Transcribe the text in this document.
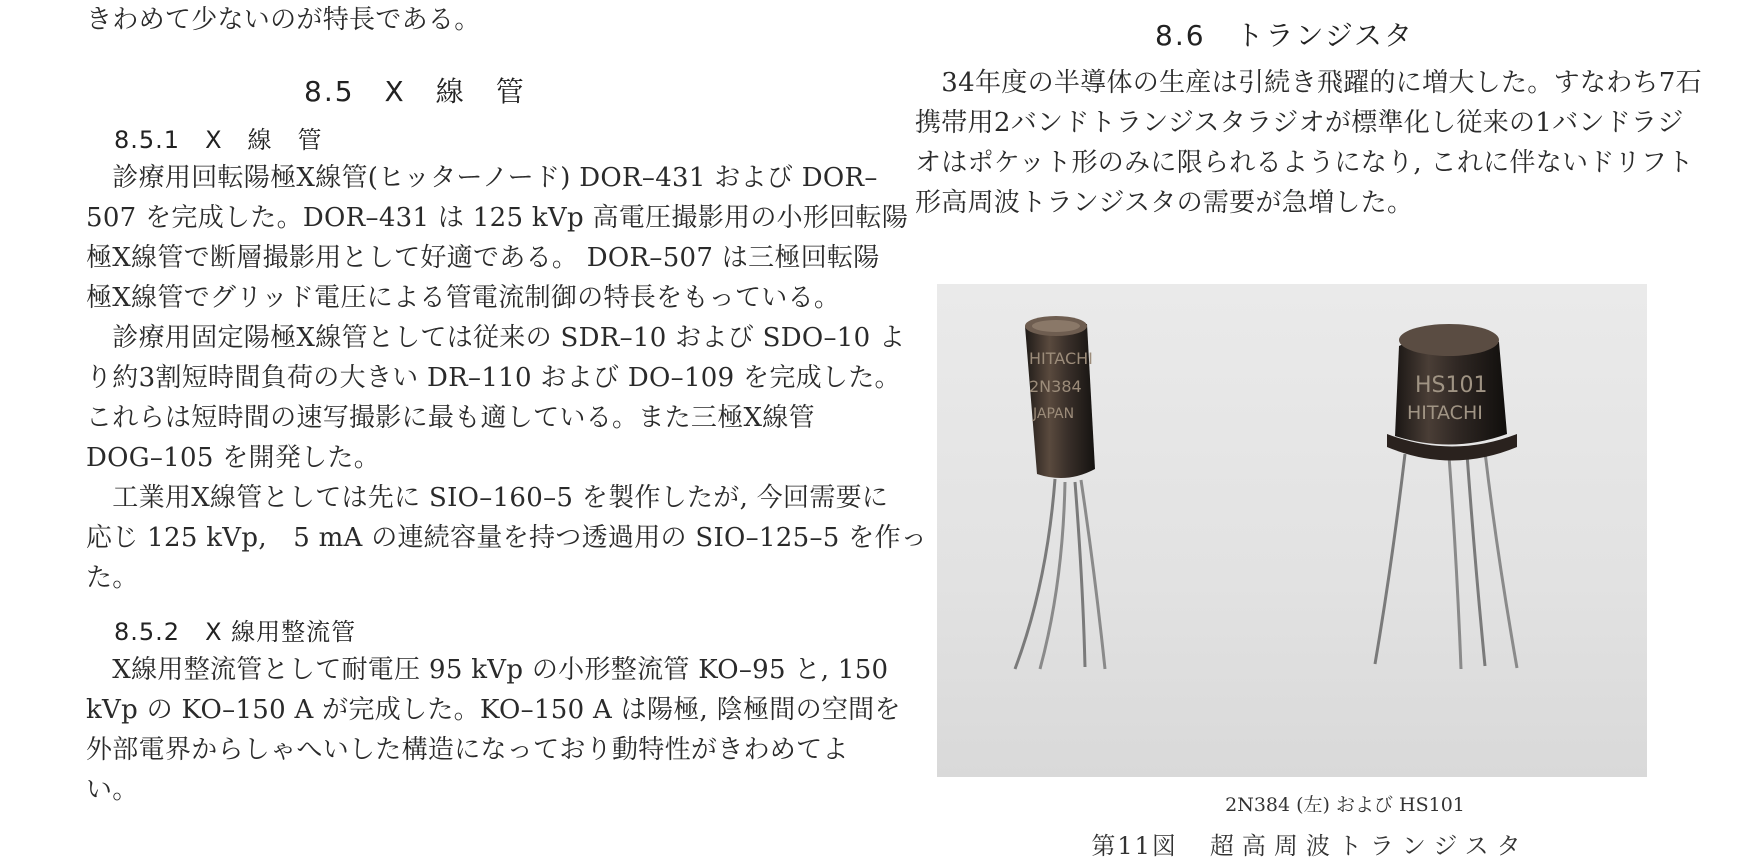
きわめて少ないのが特長である。
8.5　X　線　管
8.5.1　X　線　管
　診療用回転陽極X線管(ヒッターノード) DOR–431 および DOR–
507 を完成した。DOR–431 は 125 kVp 高電圧撮影用の小形回転陽
極X線管で断層撮影用として好適である。 DOR–507 は三極回転陽
極X線管でグリッド電圧による管電流制御の特長をもっている。
　診療用固定陽極X線管としては従来の SDR–10 および SDO–10 よ
り約3割短時間負荷の大きい DR–110 および DO–109 を完成した。
これらは短時間の速写撮影に最も適している。また三極X線管
DOG–105 を開発した。
　工業用X線管としては先に SIO–160–5 を製作したが, 今回需要に
応じ 125 kVp,　5 mA の連続容量を持つ透過用の SIO–125–5 を作っ
た。
8.5.2　X 線用整流管
　X線用整流管として耐電圧 95 kVp の小形整流管 KO–95 と, 150
kVp の KO–150 A が完成した。KO–150 A は陽極, 陰極間の空間を
外部電界からしゃへいした構造になっており動特性がきわめてよ
い。
8.6　トランジスタ
　34年度の半導体の生産は引続き飛躍的に増大した。すなわち7石
携帯用2バンドトランジスタラジオが標準化し従来の1バンドラジ
オはポケット形のみに限られるようになり, これに伴ないドリフト
形高周波トランジスタの需要が急増した。
HITACHI
2N384
JAPAN
HS101
HITACHI
2N384 (左) および HS101
第11図　 超高周波トランジスタ
